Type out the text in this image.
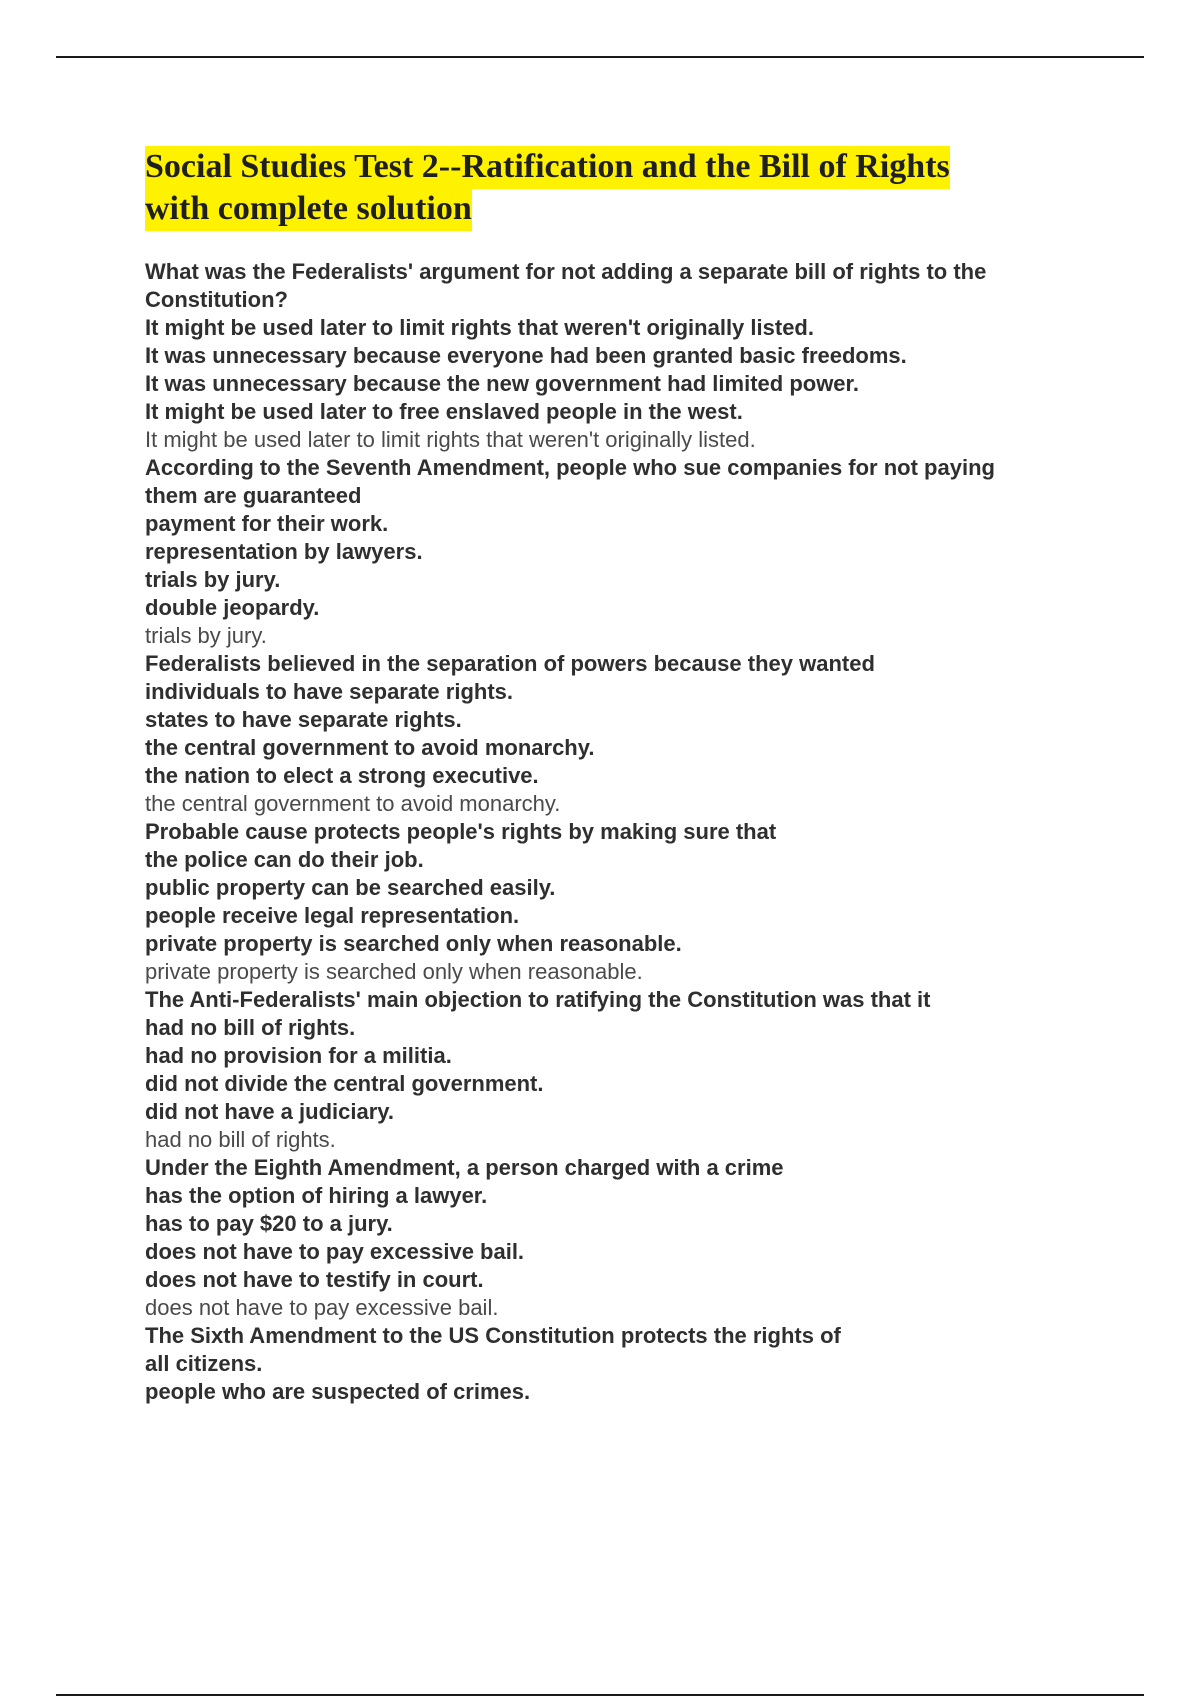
Social Studies Test 2--Ratification and the Bill of Rights
with complete solution
What was the Federalists' argument for not adding a separate bill of rights to the
Constitution?
It might be used later to limit rights that weren't originally listed.
It was unnecessary because everyone had been granted basic freedoms.
It was unnecessary because the new government had limited power.
It might be used later to free enslaved people in the west.
It might be used later to limit rights that weren't originally listed.
According to the Seventh Amendment, people who sue companies for not paying
them are guaranteed
payment for their work.
representation by lawyers.
trials by jury.
double jeopardy.
trials by jury.
Federalists believed in the separation of powers because they wanted
individuals to have separate rights.
states to have separate rights.
the central government to avoid monarchy.
the nation to elect a strong executive.
the central government to avoid monarchy.
Probable cause protects people's rights by making sure that
the police can do their job.
public property can be searched easily.
people receive legal representation.
private property is searched only when reasonable.
private property is searched only when reasonable.
The Anti-Federalists' main objection to ratifying the Constitution was that it
had no bill of rights.
had no provision for a militia.
did not divide the central government.
did not have a judiciary.
had no bill of rights.
Under the Eighth Amendment, a person charged with a crime
has the option of hiring a lawyer.
has to pay $20 to a jury.
does not have to pay excessive bail.
does not have to testify in court.
does not have to pay excessive bail.
The Sixth Amendment to the US Constitution protects the rights of
all citizens.
people who are suspected of crimes.
